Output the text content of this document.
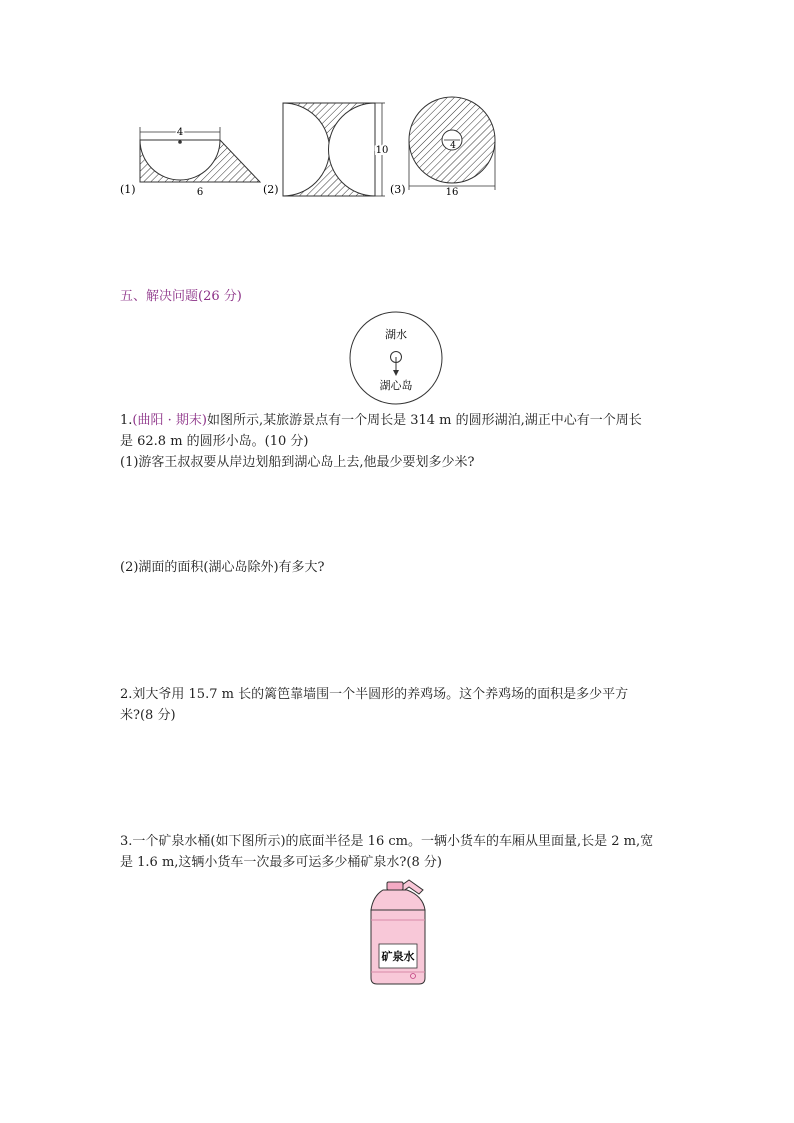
4
(1)	6
10
(2)
4
(3)	16
五、解决问题(26 分)
湖水
湖心岛
1.(曲阳 · 期末)如图所示,某旅游景点有一个周长是 314 m 的圆形湖泊,湖正中心有一个周长
是 62.8 m 的圆形小岛。(10 分)
(1)游客王叔叔要从岸边划船到湖心岛上去,他最少要划多少米?
(2)湖面的面积(湖心岛除外)有多大?
2.刘大爷用 15.7 m 长的篱笆靠墙围一个半圆形的养鸡场。这个养鸡场的面积是多少平方
米?(8 分)
3.一个矿泉水桶(如下图所示)的底面半径是 16 cm。一辆小货车的车厢从里面量,长是 2 m,宽
是 1.6 m,这辆小货车一次最多可运多少桶矿泉水?(8 分)
矿泉水
